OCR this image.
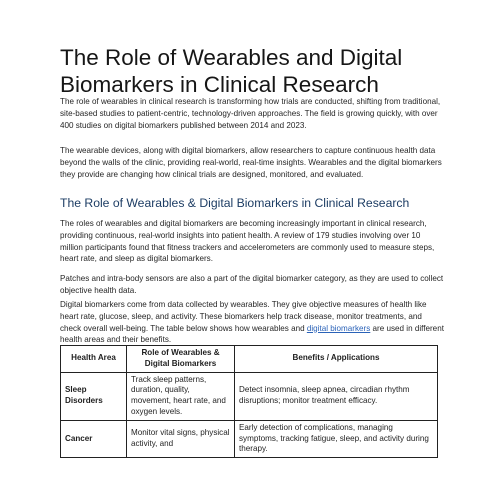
The Role of Wearables and Digital
Biomarkers in Clinical Research

The role of wearables in clinical research is transforming how trials are conducted, shifting from traditional, site-based studies to patient-centric, technology-driven approaches. The field is growing quickly, with over 400 studies on digital biomarkers published between 2014 and 2023.

The wearable devices, along with digital biomarkers, allow researchers to capture continuous health data beyond the walls of the clinic, providing real-world, real-time insights. Wearables and the digital biomarkers they provide are changing how clinical trials are designed, monitored, and evaluated.

The Role of Wearables & Digital Biomarkers in Clinical Research

The roles of wearables and digital biomarkers are becoming increasingly important in clinical research, providing continuous, real-world insights into patient health. A review of 179 studies involving over 10 million participants found that fitness trackers and accelerometers are commonly used to measure steps, heart rate, and sleep as digital biomarkers.

Patches and intra-body sensors are also a part of the digital biomarker category, as they are used to collect objective health data.

Digital biomarkers come from data collected by wearables. They give objective measures of health like heart rate, glucose, sleep, and activity. These biomarkers help track disease, monitor treatments, and check overall well-being. The table below shows how wearables and digital biomarkers are used in different health areas and their benefits.

Health Area	Role of Wearables & Digital Biomarkers	Benefits / Applications
Sleep Disorders	Track sleep patterns, duration, quality, movement, heart rate, and oxygen levels.	Detect insomnia, sleep apnea, circadian rhythm disruptions; monitor treatment efficacy.
Cancer	Monitor vital signs, physical activity, and	Early detection of complications, managing symptoms, tracking fatigue, sleep, and activity during therapy.
